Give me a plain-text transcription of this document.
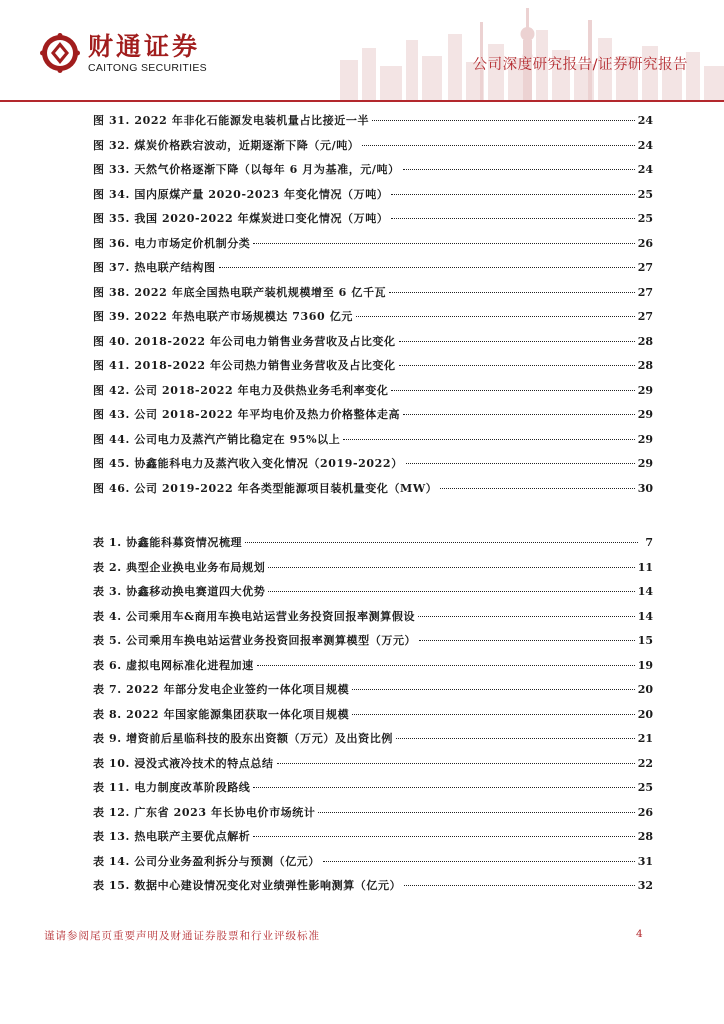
财通证券
CAITONG SECURITIES	公司深度研究报告/证券研究报告
图 31. 2022 年非化石能源发电装机量占比接近一半	24
图 32. 煤炭价格跌宕波动，近期逐渐下降（元/吨）	24
图 33. 天然气价格逐渐下降（以每年 6 月为基准，元/吨）	24
图 34. 国内原煤产量 2020-2023 年变化情况（万吨）	25
图 35. 我国 2020-2022 年煤炭进口变化情况（万吨）	25
图 36. 电力市场定价机制分类	26
图 37. 热电联产结构图	27
图 38. 2022 年底全国热电联产装机规模增至 6 亿千瓦	27
图 39. 2022 年热电联产市场规模达 7360 亿元	27
图 40. 2018-2022 年公司电力销售业务营收及占比变化	28
图 41. 2018-2022 年公司热力销售业务营收及占比变化	28
图 42. 公司 2018-2022 年电力及供热业务毛利率变化	29
图 43. 公司 2018-2022 年平均电价及热力价格整体走高	29
图 44. 公司电力及蒸汽产销比稳定在 95%以上	29
图 45. 协鑫能科电力及蒸汽收入变化情况（2019-2022）	29
图 46. 公司 2019-2022 年各类型能源项目装机量变化（MW）	30
表 1. 协鑫能科募资情况梳理	7
表 2. 典型企业换电业务布局规划	11
表 3. 协鑫移动换电赛道四大优势	14
表 4. 公司乘用车&商用车换电站运营业务投资回报率测算假设	14
表 5. 公司乘用车换电站运营业务投资回报率测算模型（万元）	15
表 6. 虚拟电网标准化进程加速	19
表 7. 2022 年部分发电企业签约一体化项目规模	20
表 8. 2022 年国家能源集团获取一体化项目规模	20
表 9. 增资前后星临科技的股东出资额（万元）及出资比例	21
表 10. 浸没式液冷技术的特点总结	22
表 11. 电力制度改革阶段路线	25
表 12. 广东省 2023 年长协电价市场统计	26
表 13. 热电联产主要优点解析	28
表 14. 公司分业务盈利拆分与预测（亿元）	31
表 15. 数据中心建设情况变化对业绩弹性影响测算（亿元）	32
谨请参阅尾页重要声明及财通证券股票和行业评级标准	4
